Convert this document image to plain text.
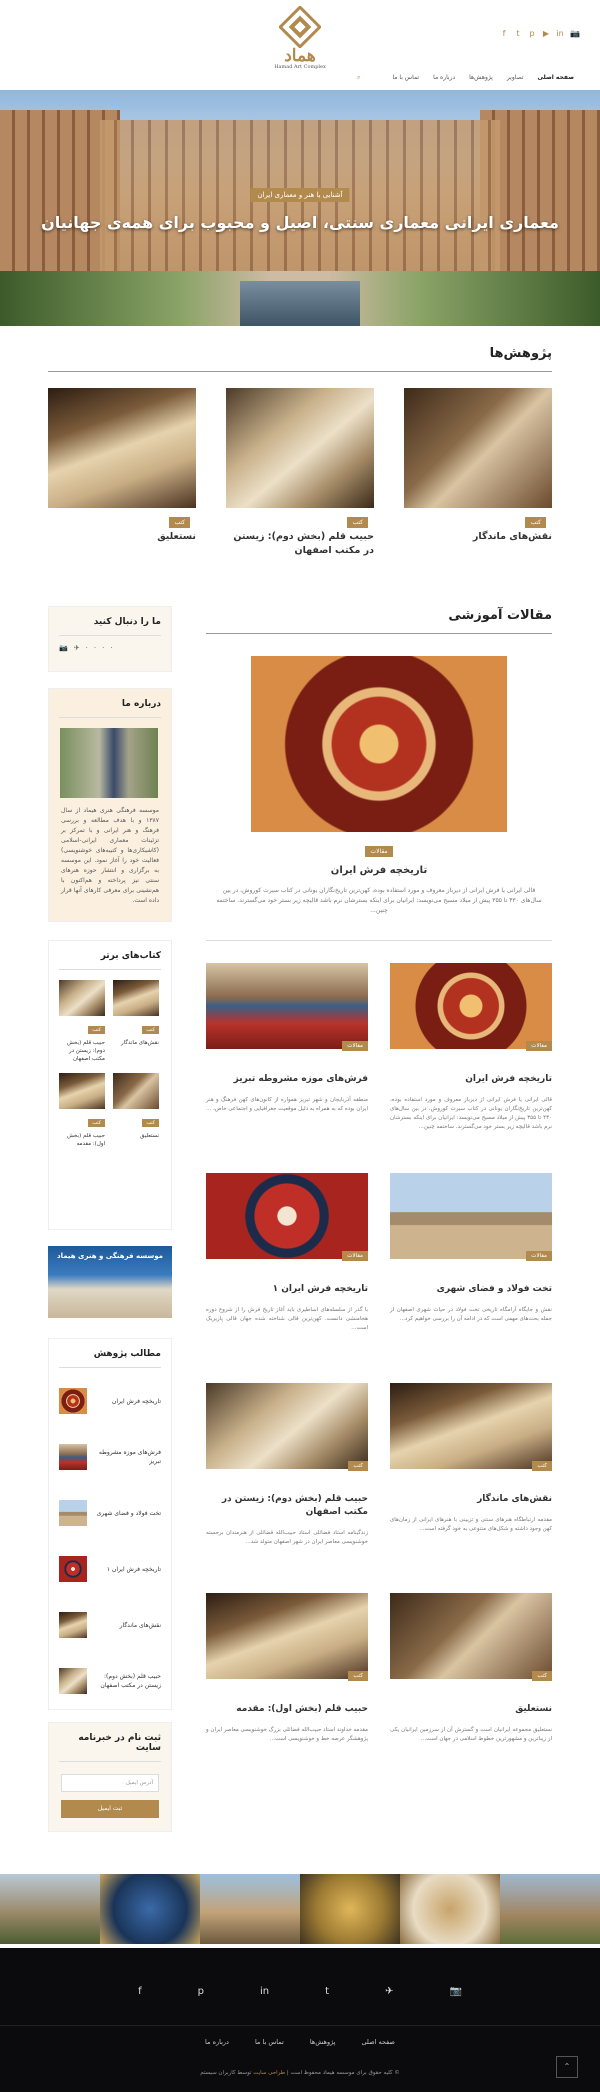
هماد
Hamad Art Complex
f	t	p ▶ in 📷
صفحه اصلی
تصاویر
پژوهش‌ها
درباره ما
تماس با ما
⌕
آشنایی با هنر و معماری ایران
معماری ایرانی معماری سنتی، اصیل و محبوب برای همه‌ی جهانیان
پژوهش‌ها
کتب
نقش‌های ماندگار
کتب
حبیب قلم (بخش دوم): زیستن در مکتب اصفهان
کتب
نستعلیق
ما را دنبال کنید
📷 ✈ · · · ·
درباره ما

موسسه فرهنگی هنری هیماد از سال ۱۳۸۷ و با هدف مطالعه و بررسی فرهنگ و هنر ایرانی و با تمرکز بر تزئینات معماری ایرانی-اسلامی (کاشیکاری‌ها و کتیبه‌های خوشنویسی) فعالیت خود را آغاز نمود. این موسسه به برگزاری و انتشار حوزه هنرهای سنتی نیز پرداخته و هم‌اکنون با هم‌نشینی برای معرفی کارهای آنها قرار داده است.

کتاب‌های برتر
کتب
نقش‌های ماندگار
کتب
حبیب قلم (بخش دوم): زیستن در مکتب اصفهان
کتب
نستعلیق
کتب
حبیب قلم (بخش اول): مقدمه
موسسه فرهنگی و هنری هیماد
مطالب پژوهش
تاریخچه فرش ایران
فرش‌های موزه مشروطه تبریز
تخت فولاد و فضای شهری
تاریخچه فرش ایران ۱
نقش‌های ماندگار
حبیب قلم (بخش دوم): زیستن در مکتب اصفهان
ثبت نام در خبرنامه سایت
آدرس ایمیل
ثبت ایمیل
مقالات آموزشی
مقالات
تاریخچه فرش ایران

قالی ایرانی یا فرش ایرانی از دیرباز معروف و مورد استفاده بوده، کهن‌ترین تاریخ‌نگاران یونانی در کتاب سیرت کوروش، در بین سال‌های ۴۳۰ تا ۳۵۵ پیش از میلاد مسیح می‌نویسد: ایرانیان برای اینکه بسترشان نرم باشد قالیچه زیر بستر خود می‌گسترند. ساختمه چنین...

مقالات
تاریخچه فرش ایران

قالی ایرانی یا فرش ایرانی از دیرباز معروف و مورد استفاده بوده، کهن‌ترین تاریخ‌نگاران یونانی در کتاب سیرت کوروش، در بین سال‌های ۴۳۰ تا ۳۵۵ پیش از میلاد مسیح می‌نویسد: ایرانیان برای اینکه بسترشان نرم باشد قالیچه زیر بستر خود می‌گسترند. ساختمه چنین...

مقالات
فرش‌های موزه مشروطه تبریز

منطقه آذربایجان و شهر تبریز همواره از کانون‌های کهن فرهنگ و هنر ایران بوده که به همراه به دلیل موقعیت جغرافیایی و اجتماعی خاص، ...

مقالات
تخت فولاد و فضای شهری

نقش و جایگاه آرامگاه تاریخی تخت فولاد در حیات شهری اصفهان از جمله بحث‌های مهمی است که در ادامه آن را بررسی خواهیم کرد...

مقالات
تاریخچه فرش ایران ۱

با گذر از سلسله‌های اساطیری باید آغاز تاریخ فرش را از شروع دوره هخامنشی دانست. کهن‌ترین قالی شناخته شده جهان قالی پازیریک است...

کتب
نقش‌های ماندگار

مقدمه ارتباطگاه هنرهای سنتی و تزیینی با هنرهای ایرانی از زمان‌های کهن وجود داشته و شکل‌های متنوعی به خود گرفته است...

کتب
حبیب قلم (بخش دوم): زیستن در مکتب اصفهان

زندگینامه استاد فضائلی استاد حبیب‌الله فضائلی از هنرمندان برجسته خوشنویسی معاصر ایران در شهر اصفهان متولد شد...

کتب
نستعلیق

نستعلیق مجموعه ایرانیان است و گسترش آن از سرزمین ایرانیان یکی از زیباترین و مشهورترین خطوط اسلامی در جهان است...

کتب
حبیب قلم (بخش اول): مقدمه

مقدمه خداوند استاد حبیب‌الله فضائلی بزرگ خوشنویسی معاصر ایران و پژوهشگر عرصه خط و خوشنویسی است...

f	p	in	t	✈	📷
صفحه اصلی
پژوهش‌ها
تماس با ما
درباره ما
© کلیه حقوق برای موسسه هیماد محفوظ است | طراحی سایت توسط کاربران سیستم
⌃
